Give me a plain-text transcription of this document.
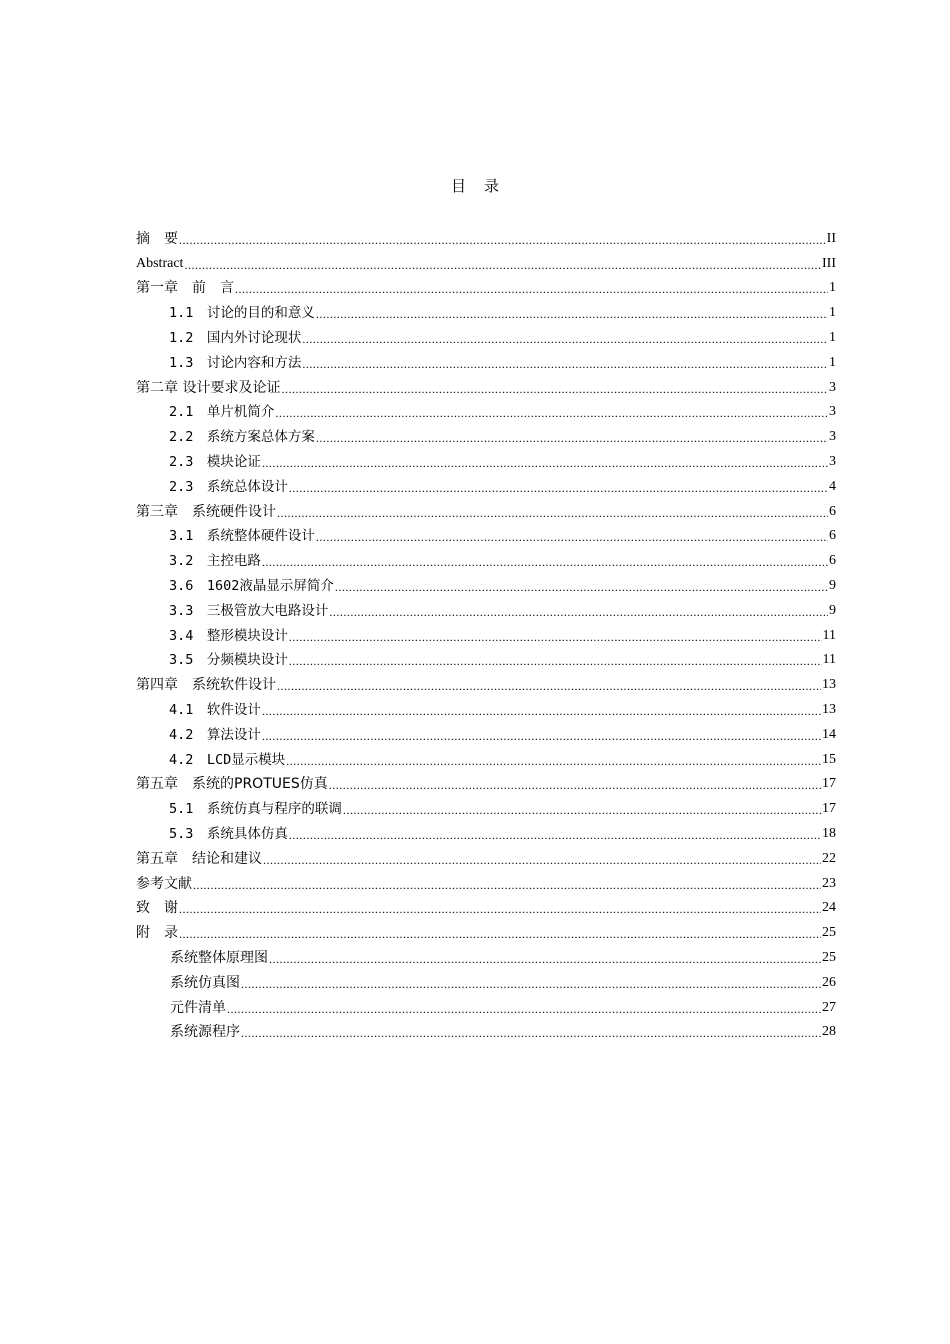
目 录
摘　要 .....	II
Abstract .....	III
第一章　前　言 .....	1
1.1　讨论的目的和意义 .....	1
1.2　国内外讨论现状 .....	1
1.3　讨论内容和方法 .....	1
第二章 设计要求及论证 .....	3
2.1　单片机简介 .....	3
2.2　系统方案总体方案 .....	3
2.3　模块论证 .....	3
2.3　系统总体设计 .....	4
第三章　系统硬件设计 .....	6
3.1　系统整体硬件设计 .....	6
3.2　主控电路 .....	6
3.6　1602液晶显示屏简介 .....	9
3.3　三极管放大电路设计 .....	9
3.4　整形模块设计 .....	11
3.5　分频模块设计 .....	11
第四章　系统软件设计 .....	13
4.1　软件设计 .....	13
4.2　算法设计 .....	14
4.2　LCD显示模块 .....	15
第五章　系统的PROTUES仿真 .....	17
5.1　系统仿真与程序的联调 .....	17
5.3　系统具体仿真 .....	18
第五章　结论和建议 .....	22
参考文献 .....	23
致　谢 .....	24
附　录 .....	25
系统整体原理图 .....	25
系统仿真图 .....	26
元件清单 .....	27
系统源程序 .....	28
